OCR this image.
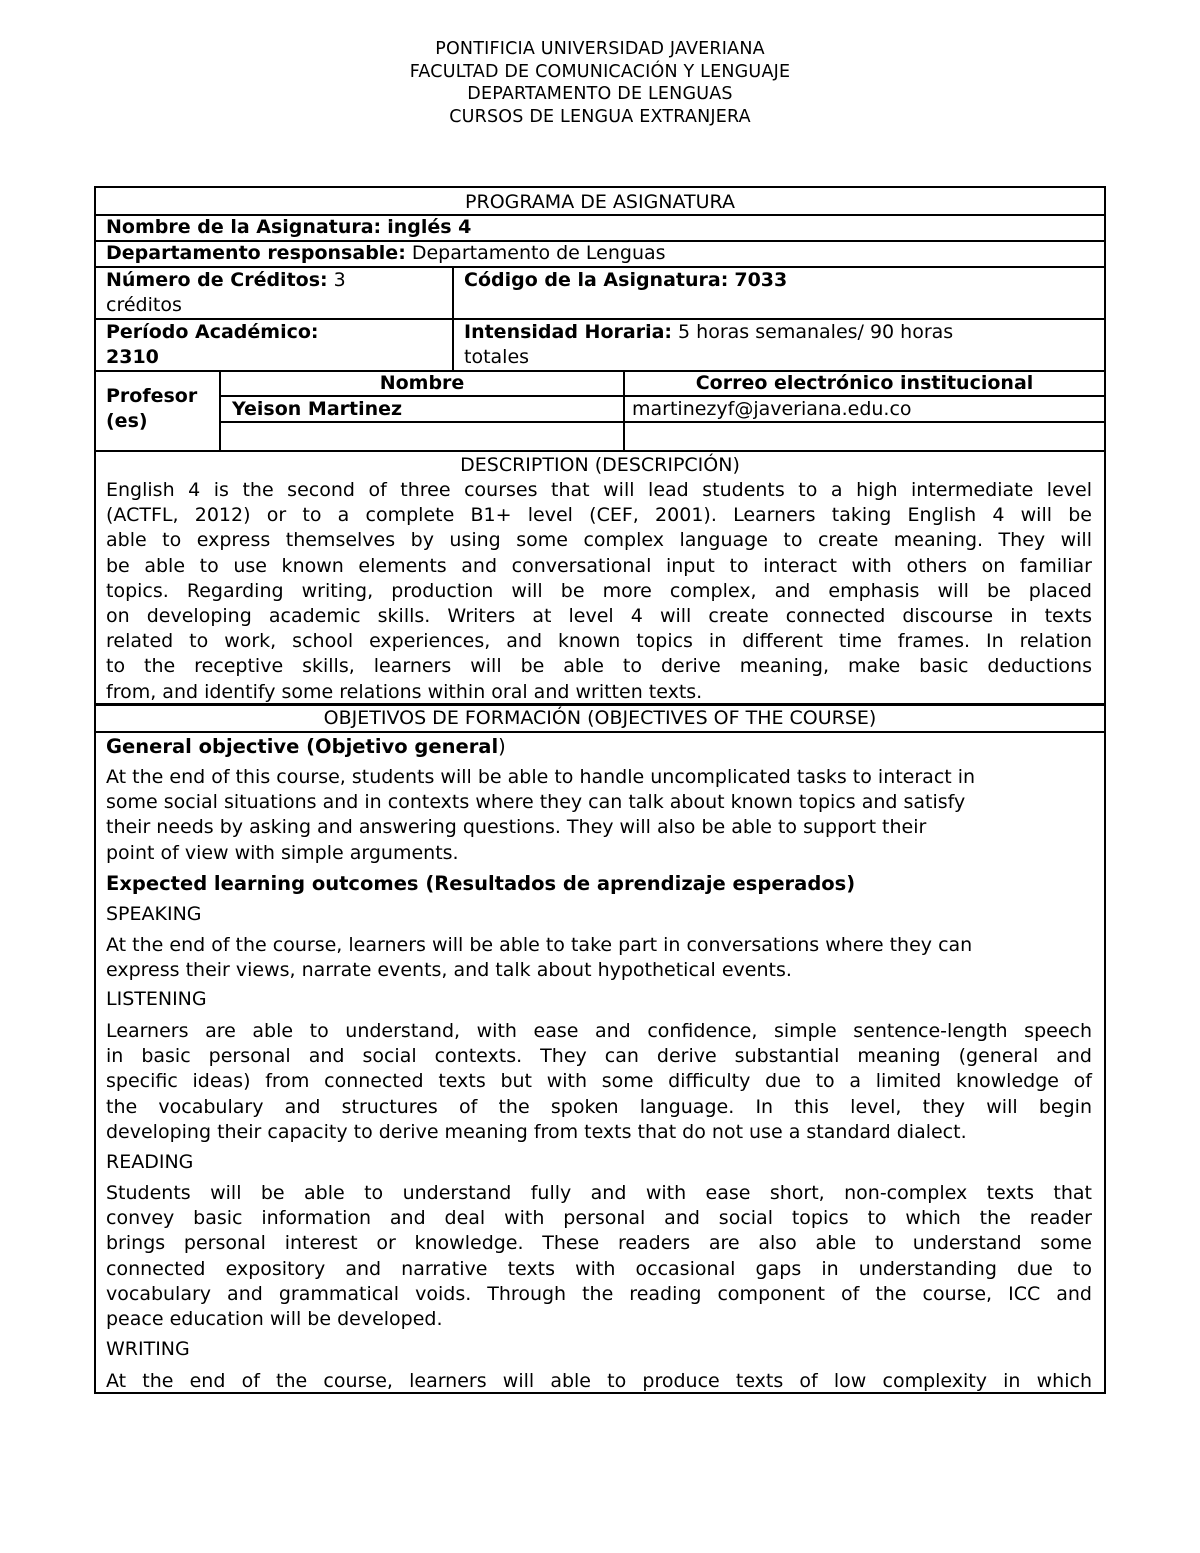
PONTIFICIA UNIVERSIDAD JAVERIANA
FACULTAD DE COMUNICACIÓN Y LENGUAJE
DEPARTAMENTO DE LENGUAS
CURSOS DE LENGUA EXTRANJERA
PROGRAMA DE ASIGNATURA
Nombre de la Asignatura: inglés 4
Departamento responsable: Departamento de Lenguas
Número de Créditos: 3
créditos
Código de la Asignatura: 7033
Período Académico:
2310
Intensidad Horaria: 5 horas semanales/ 90 horas
totales
Profesor (es)
Nombre	Correo electrónico institucional
Yeison Martinez	martinezyf@javeriana.edu.co
DESCRIPTION (DESCRIPCIÓN)
English 4 is the second of three courses that will lead students to a high intermediate level
(ACTFL, 2012) or to a complete B1+ level (CEF, 2001). Learners taking English 4 will be
able to express themselves by using some complex language to create meaning. They will
be able to use known elements and conversational input to interact with others on familiar
topics. Regarding writing, production will be more complex, and emphasis will be placed
on developing academic skills. Writers at level 4 will create connected discourse in texts
related to work, school experiences, and known topics in different time frames. In relation
to the receptive skills, learners will be able to derive meaning, make basic deductions
from, and identify some relations within oral and written texts.
OBJETIVOS DE FORMACIÓN (OBJECTIVES OF THE COURSE)
General objective (Objetivo general)
At the end of this course, students will be able to handle uncomplicated tasks to interact in
some social situations and in contexts where they can talk about known topics and satisfy
their needs by asking and answering questions. They will also be able to support their
point of view with simple arguments.
Expected learning outcomes (Resultados de aprendizaje esperados)
SPEAKING
At the end of the course, learners will be able to take part in conversations where they can
express their views, narrate events, and talk about hypothetical events.
LISTENING
Learners are able to understand, with ease and confidence, simple sentence-length speech
in basic personal and social contexts. They can derive substantial meaning (general and
specific ideas) from connected texts but with some difficulty due to a limited knowledge of
the vocabulary and structures of the spoken language. In this level, they will begin
developing their capacity to derive meaning from texts that do not use a standard dialect.
READING
Students will be able to understand fully and with ease short, non-complex texts that
convey basic information and deal with personal and social topics to which the reader
brings personal interest or knowledge. These readers are also able to understand some
connected expository and narrative texts with occasional gaps in understanding due to
vocabulary and grammatical voids. Through the reading component of the course, ICC and
peace education will be developed.
WRITING
At the end of the course, learners will able to produce texts of low complexity in which
